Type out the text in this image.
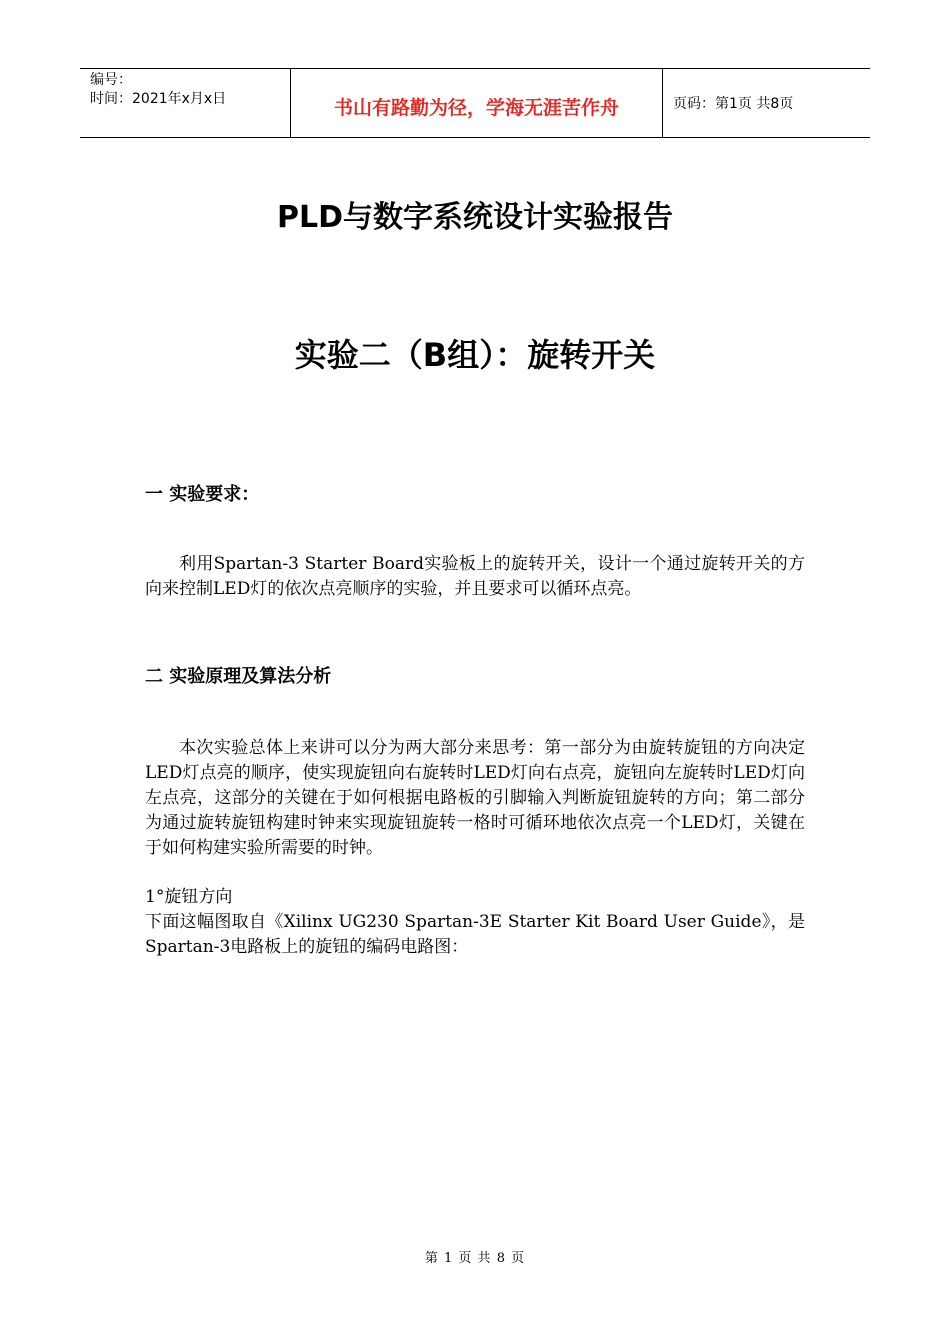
编号：
时间：2021年x月x日	书山有路勤为径，学海无涯苦作舟	页码：第1页 共8页
PLD与数字系统设计实验报告
实验二（B组）：旋转开关
一 实验要求：
利用Spartan-3 Starter Board实验板上的旋转开关，设计一个通过旋转开关的方向来控制LED灯的依次点亮顺序的实验，并且要求可以循环点亮。
二 实验原理及算法分析
本次实验总体上来讲可以分为两大部分来思考：第一部分为由旋转旋钮的方向决定LED灯点亮的顺序，使实现旋钮向右旋转时LED灯向右点亮，旋钮向左旋转时LED灯向左点亮，这部分的关键在于如何根据电路板的引脚输入判断旋钮旋转的方向；第二部分为通过旋转旋钮构建时钟来实现旋钮旋转一格时可循环地依次点亮一个LED灯，关键在于如何构建实验所需要的时钟。
1°旋钮方向
下面这幅图取自《Xilinx UG230 Spartan-3E Starter Kit Board User Guide》，是Spartan-3电路板上的旋钮的编码电路图：
第 1 页 共 8 页
